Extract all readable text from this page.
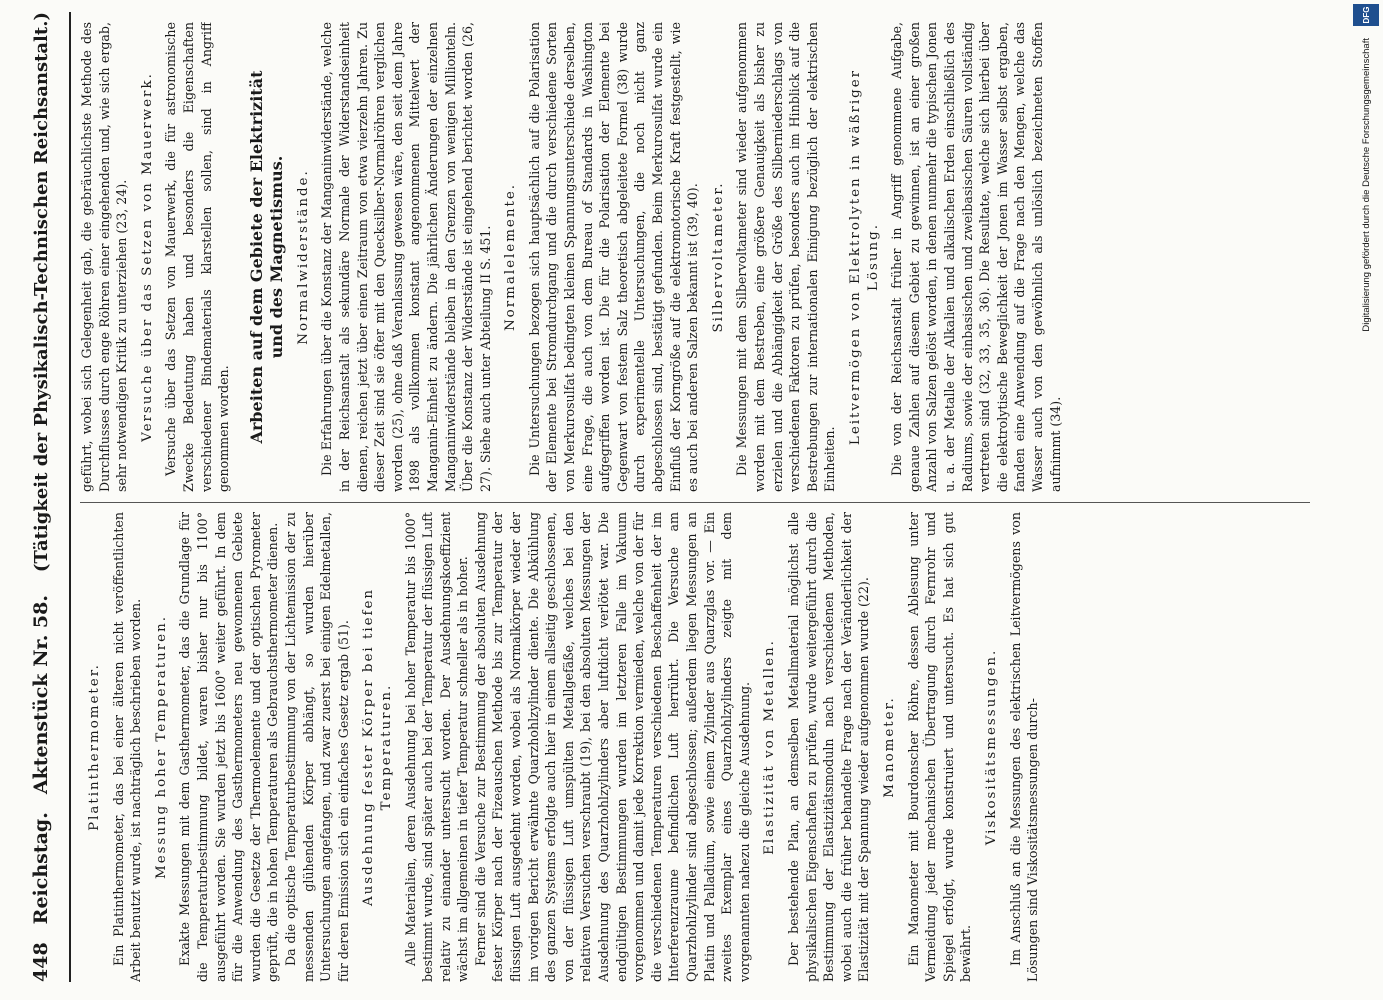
448
Reichstag.
Aktenstück Nr. 58.
(Tätigkeit der Physikalisch-Technischen Reichsanstalt.)
Platinthermometer. Ein Platinthermometer, das bei einer älteren nicht veröffentlichten Arbeit benutzt wurde, ist nachträglich beschrieben worden. Messung hoher Temperaturen. Exakte Messungen mit dem Gasthermometer, das die Grundlage für die Temperaturbestimmung bildet, waren bisher nur bis 1100° ausgeführt worden. Sie wurden jetzt bis 1600° weiter geführt. In dem für die Anwendung des Gasthermometers neu gewonnenen Gebiete wurden die Gesetze der Thermoelemente und der optischen Pyrometer geprüft, die in hohen Temperaturen als Gebrauchsthermometer dienen. Da die optische Temperaturbestimmung von der Lichtemission der zu messenden glühenden Körper abhängt, so wurden hierüber Untersuchungen angefangen, und zwar zuerst bei einigen Edelmetallen, für deren Emission sich ein einfaches Gesetz ergab (51). Ausdehnung fester Körper bei tiefen Temperaturen. Alle Materialien, deren Ausdehnung bei hoher Temperatur bis 1000° bestimmt wurde, sind später auch bei der Temperatur der flüssigen Luft relativ zu einander untersucht worden. Der Ausdehnungskoeffizient wächst im allgemeinen in tiefer Temperatur schneller als in hoher. Ferner sind die Versuche zur Bestimmung der absoluten Ausdehnung fester Körper nach der Fizeauschen Methode bis zur Temperatur der flüssigen Luft ausgedehnt worden, wobei als Normalkörper wieder der im vorigen Bericht erwähnte Quarzhohlzylinder diente. Die Abkühlung des ganzen Systems erfolgte auch hier in einem allseitig geschlossenen, von der flüssigen Luft umspülten Metallgefäße, welches bei den relativen Versuchen verschraubt (19), bei den absoluten Messungen der Ausdehnung des Quarzhohlzylinders aber luftdicht verlötet war. Die endgültigen Bestimmungen wurden im letzteren Falle im Vakuum vorgenommen und damit jede Korrektion vermieden, welche von der für die verschiedenen Temperaturen verschiedenen Beschaffenheit der im Interferenzraume befindlichen Luft herrührt. Die Versuche am Quarzhohlzylinder sind abgeschlossen; außerdem liegen Messungen an Platin und Palladium, sowie einem Zylinder aus Quarzglas vor. — Ein zweites Exemplar eines Quarzhohlzylinders zeigte mit dem vorgenannten nahezu die gleiche Ausdehnung. Elastizität von Metallen. Der bestehende Plan, an demselben Metallmaterial möglichst alle physikalischen Eigenschaften zu prüfen, wurde weitergeführt durch die Bestimmung der Elastizitätsmoduln nach verschiedenen Methoden, wobei auch die früher behandelte Frage nach der Veränderlichkeit der Elastizität mit der Spannung wieder aufgenommen wurde (22). Manometer. Ein Manometer mit Bourdonscher Röhre, dessen Ablesung unter Vermeidung jeder mechanischen Übertragung durch Fernrohr und Spiegel erfolgt, wurde konstruiert und untersucht. Es hat sich gut bewährt.

Viskositätsmessungen. Im Anschluß an die Messungen des elektrischen Leitvermögens von Lösungen sind Viskositätsmessungen durch-

geführt, wobei sich Gelegenheit gab, die gebräuchlichste Methode des Durchflusses durch enge Röhren einer eingehenden und, wie sich ergab, sehr notwendigen Kritik zu unterziehen (23, 24). Versuche über das Setzen von Mauerwerk. Versuche über das Setzen von Mauerwerk, die für astronomische Zwecke Bedeutung haben und besonders die Eigenschaften verschiedener Bindematerials klarstellen sollen, sind in Angriff genommen worden. Arbeiten auf dem Gebiete der Elektrizität und des Magnetismus. Normalwiderstände. Die Erfahrungen über die Konstanz der Manganinwiderstände, welche in der Reichsanstalt als sekundäre Normale der Widerstandseinheit dienen, reichen jetzt über einen Zeitraum von etwa vierzehn Jahren. Zu dieser Zeit sind sie öfter mit den Quecksilber-Normalröhren verglichen worden (25), ohne daß Veranlassung gewesen wäre, den seit dem Jahre 1898 als vollkommen konstant angenommenen Mittelwert der Manganin-Einheit zu ändern. Die jährlichen Änderungen der einzelnen Manganinwiderstände bleiben in den Grenzen von wenigen Millionteln. Über die Konstanz der Widerstände ist eingehend berichtet worden (26, 27). Siehe auch unter Abteilung II S. 451. Normalelemente. Die Untersuchungen bezogen sich hauptsächlich auf die Polarisation der Elemente bei Stromdurchgang und die durch verschiedene Sorten von Merkurosulfat bedingten kleinen Spannungsunterschiede derselben, eine Frage, die auch von dem Bureau of Standards in Washington aufgegriffen worden ist. Die für die Polarisation der Elemente bei Gegenwart von festem Salz theoretisch abgeleitete Formel (38) wurde durch experimentelle Untersuchungen, die noch nicht ganz abgeschlossen sind, bestätigt gefunden. Beim Merkurosulfat wurde ein Einfluß der Korngröße auf die elektromotorische Kraft festgestellt, wie es auch bei anderen Salzen bekannt ist (39, 40). Silbervoltameter. Die Messungen mit dem Silbervoltameter sind wieder aufgenommen worden mit dem Bestreben, eine größere Genauigkeit als bisher zu erzielen und die Abhängigkeit der Größe des Silberniederschlags von verschiedenen Faktoren zu prüfen, besonders auch im Hinblick auf die Bestrebungen zur internationalen Einigung bezüglich der elektrischen Einheiten.

Leitvermögen von Elektrolyten in wäßriger Lösung. Die von der Reichsanstalt früher in Angriff genommene Aufgabe, genaue Zahlen auf diesem Gebiet zu gewinnen, ist an einer großen Anzahl von Salzen gelöst worden, in denen nunmehr die typischen Jonen u. a. der Metalle der Alkalien und alkalischen Erden einschließlich des Radiums, sowie der einbasischen und zweibasischen Säuren vollständig vertreten sind (32, 33, 35, 36). Die Resultate, welche sich hierbei über die elektrolytische Beweglichkeit der Jonen im Wasser selbst ergaben, fanden eine Anwendung auf die Frage nach den Mengen, welche das Wasser auch von den gewöhnlich als unlöslich bezeichneten Stoffen aufnimmt (34).

Digitalisierung gefördert durch die Deutsche Forschungsgemeinschaft
DFG
